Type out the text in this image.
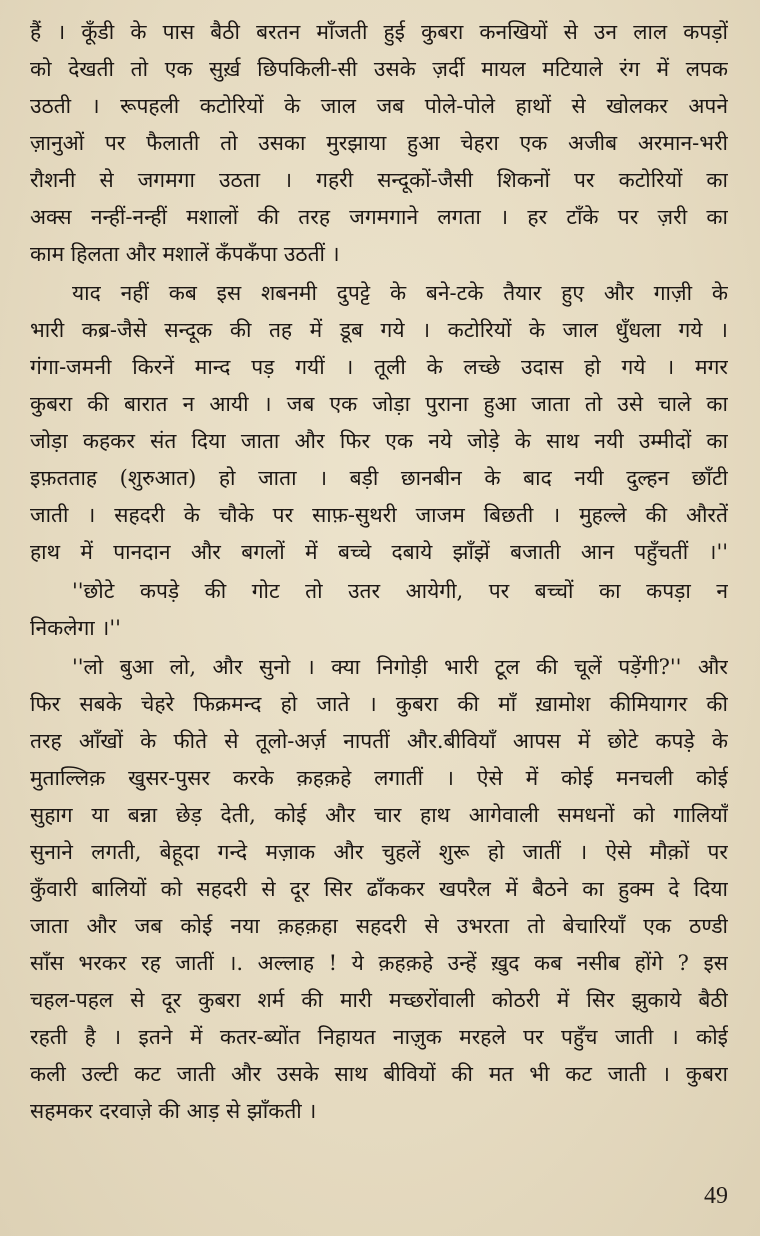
हैं । कूँडी के पास बैठी बरतन माँजती हुई कुबरा कनखियों से उन लाल कपड़ों
को देखती तो एक सुर्ख़ छिपकिली-सी उसके ज़र्दी मायल मटियाले रंग में लपक
उठती । रूपहली कटोरियों के जाल जब पोले-पोले हाथों से खोलकर अपने
ज़ानुओं पर फैलाती तो उसका मुरझाया हुआ चेहरा एक अजीब अरमान-भरी
रौशनी से जगमगा उठता । गहरी सन्दूकों-जैसी शिकनों पर कटोरियों का
अक्स नन्हीं-नन्हीं मशालों की तरह जगमगाने लगता । हर टाँके पर ज़री का
काम हिलता और मशालें कँपकँपा उठतीं ।
याद नहीं कब इस शबनमी दुपट्टे के बने-टके तैयार हुए और गाज़ी के
भारी कब्र-जैसे सन्दूक की तह में डूब गये । कटोरियों के जाल धुँधला गये ।
गंगा-जमनी किरनें मान्द पड़ गयीं । तूली के लच्छे उदास हो गये । मगर
कुबरा की बारात न आयी । जब एक जोड़ा पुराना हुआ जाता तो उसे चाले का
जोड़ा कहकर संत दिया जाता और फिर एक नये जोड़े के साथ नयी उम्मीदों का
इफ़तताह (शुरुआत) हो जाता । बड़ी छानबीन के बाद नयी दुल्हन छाँटी
जाती । सहदरी के चौके पर साफ़-सुथरी जाजम बिछती । मुहल्ले की औरतें
हाथ में पानदान और बगलों में बच्चे दबाये झाँझें बजाती आन पहुँचतीं ।''
''छोटे कपड़े की गोट तो उतर आयेगी, पर बच्चों का कपड़ा न
निकलेगा ।''
''लो बुआ लो, और सुनो । क्या निगोड़ी भारी टूल की चूलें पड़ेंगी?'' और
फिर सबके चेहरे फिक्रमन्द हो जाते । कुबरा की माँ ख़ामोश कीमियागर की
तरह आँखों के फीते से तूलो-अर्ज़ नापतीं और.बीवियाँ आपस में छोटे कपड़े के
मुताल्लिक़ खुसर-पुसर करके क़हक़हे लगातीं । ऐसे में कोई मनचली कोई
सुहाग या बन्ना छेड़ देती, कोई और चार हाथ आगेवाली समधनों को गालियाँ
सुनाने लगती, बेहूदा गन्दे मज़ाक और चुहलें शुरू हो जातीं । ऐसे मौक़ों पर
कुँवारी बालियों को सहदरी से दूर सिर ढाँककर खपरैल में बैठने का हुक्म दे दिया
जाता और जब कोई नया क़हक़हा सहदरी से उभरता तो बेचारियाँ एक ठण्डी
साँस भरकर रह जातीं ।. अल्लाह ! ये क़हक़हे उन्हें ख़ुद कब नसीब होंगे ? इस
चहल-पहल से दूर कुबरा शर्म की मारी मच्छरोंवाली कोठरी में सिर झुकाये बैठी
रहती है । इतने में कतर-ब्योंत निहायत नाज़ुक मरहले पर पहुँच जाती । कोई
कली उल्टी कट जाती और उसके साथ बीवियों की मत भी कट जाती । कुबरा
सहमकर दरवाज़े की आड़ से झाँकती ।
49
